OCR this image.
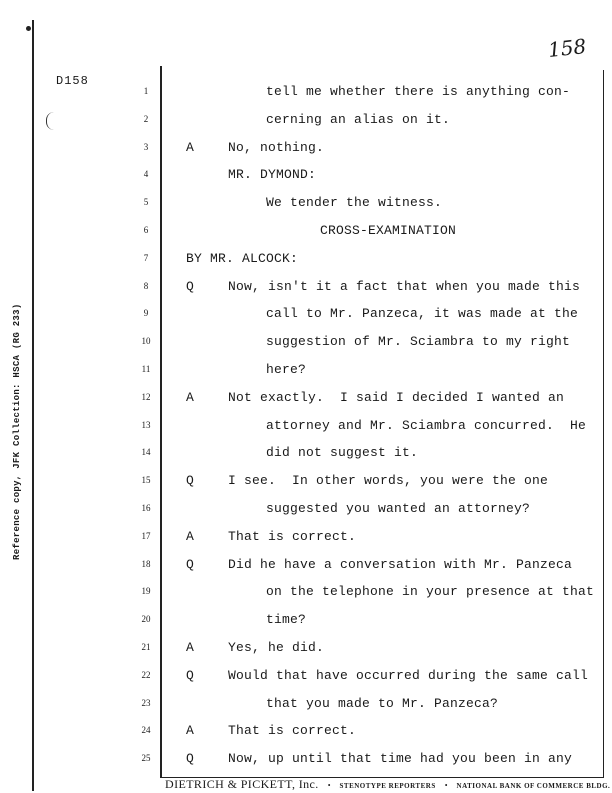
D158
158
Reference copy, JFK Collection: HSCA (RG 233)
1	tell me whether there is anything con-
2	cerning an alias on it.
3	A	No, nothing.
4	MR. DYMOND:
5	We tender the witness.
6	CROSS-EXAMINATION
7	BY MR. ALCOCK:
8	Q	Now, isn't it a fact that when you made this
9	call to Mr. Panzeca, it was made at the
10	suggestion of Mr. Sciambra to my right
11	here?
12	A	Not exactly.  I said I decided I wanted an
13	attorney and Mr. Sciambra concurred.  He
14	did not suggest it.
15	Q	I see.  In other words, you were the one
16	suggested you wanted an attorney?
17	A	That is correct.
18	Q	Did he have a conversation with Mr. Panzeca
19	on the telephone in your presence at that
20	time?
21	A	Yes, he did.
22	Q	Would that have occurred during the same call
23	that you made to Mr. Panzeca?
24	A	That is correct.
25	Q	Now, up until that time had you been in any
DIETRICH & PICKETT, Inc. • STENOTYPE REPORTERS • NATIONAL BANK OF COMMERCE BLDG.
